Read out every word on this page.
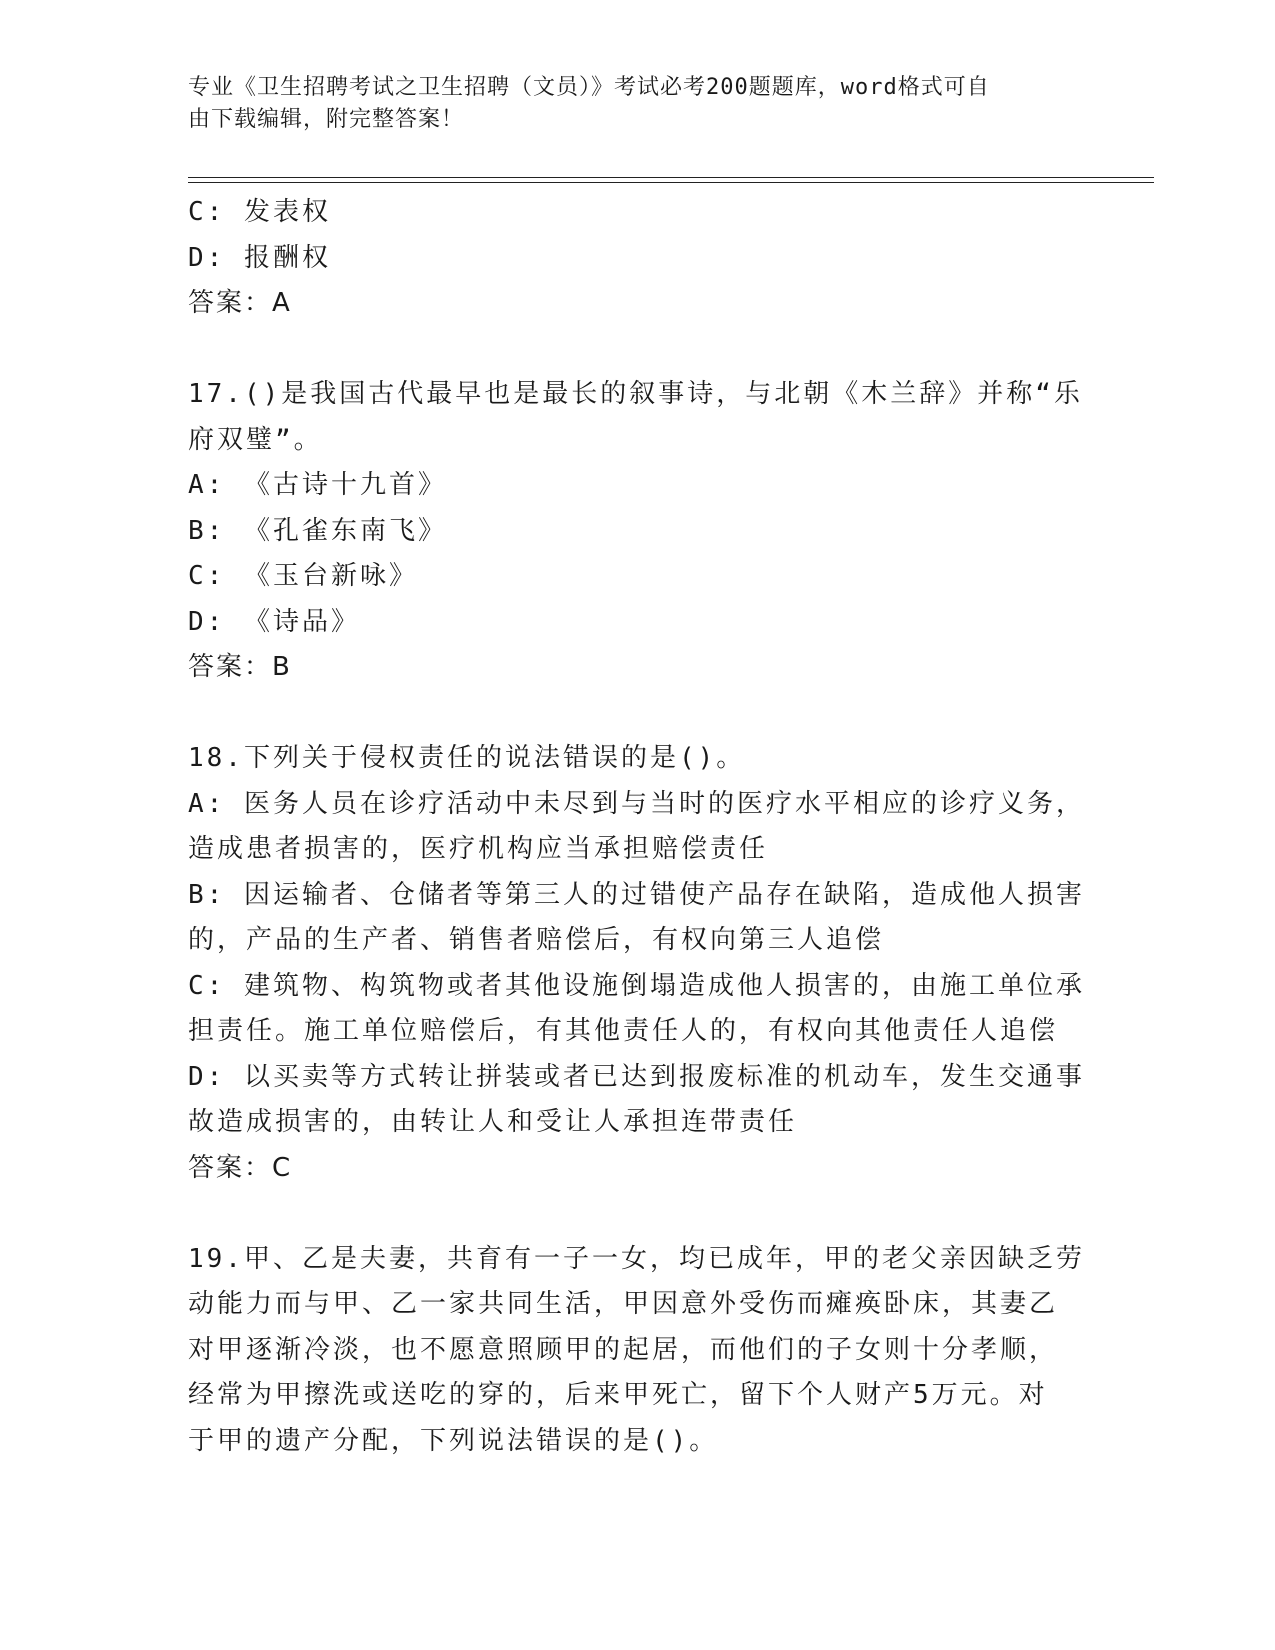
专业《卫生招聘考试之卫生招聘（文员）》考试必考200题题库，word格式可自
由下载编辑，附完整答案！
C: 发表权
D: 报酬权
答案：A
17.()是我国古代最早也是最长的叙事诗，与北朝《木兰辞》并称“乐
府双璧”。
A: 《古诗十九首》
B: 《孔雀东南飞》
C: 《玉台新咏》
D: 《诗品》
答案：B
18.下列关于侵权责任的说法错误的是()。
A: 医务人员在诊疗活动中未尽到与当时的医疗水平相应的诊疗义务，
造成患者损害的，医疗机构应当承担赔偿责任
B: 因运输者、仓储者等第三人的过错使产品存在缺陷，造成他人损害
的，产品的生产者、销售者赔偿后，有权向第三人追偿
C: 建筑物、构筑物或者其他设施倒塌造成他人损害的，由施工单位承
担责任。施工单位赔偿后，有其他责任人的，有权向其他责任人追偿
D: 以买卖等方式转让拼装或者已达到报废标准的机动车，发生交通事
故造成损害的，由转让人和受让人承担连带责任
答案：C
19.甲、乙是夫妻，共育有一子一女，均已成年，甲的老父亲因缺乏劳
动能力而与甲、乙一家共同生活，甲因意外受伤而瘫痪卧床，其妻乙
对甲逐渐冷淡，也不愿意照顾甲的起居，而他们的子女则十分孝顺，
经常为甲擦洗或送吃的穿的，后来甲死亡，留下个人财产5万元。对
于甲的遗产分配，下列说法错误的是()。
